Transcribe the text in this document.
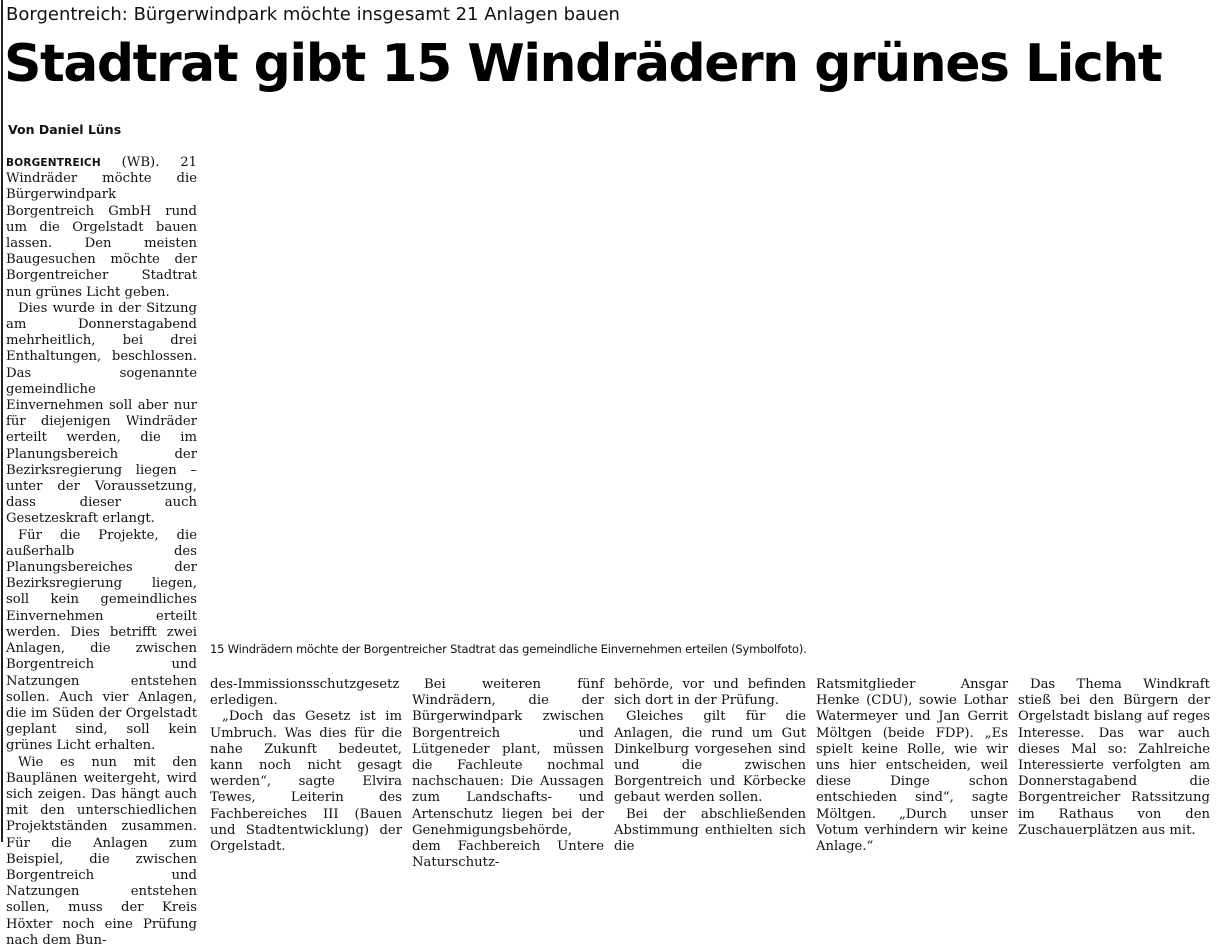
Borgentreich: Bürgerwindpark möchte insgesamt 21 Anlagen bauen
Stadtrat gibt 15 Windrädern grünes Licht
Von Daniel Lüns

BORGENTREICH (WB). 21 Windräder möchte die Bürgerwindpark Borgentreich GmbH rund um die Orgelstadt bauen lassen. Den meisten Baugesuchen möchte der Borgentreicher Stadtrat nun grünes Licht geben.

Dies wurde in der Sitzung am Donnerstagabend mehrheitlich, bei drei Enthaltungen, beschlossen. Das sogenannte gemeindliche Einvernehmen soll aber nur für diejenigen Windräder erteilt werden, die im Planungsbereich der Bezirksregierung liegen – unter der Voraussetzung, dass dieser auch Gesetzeskraft erlangt.

Für die Projekte, die außerhalb des Planungsbereiches der Bezirksregierung liegen, soll kein gemeindliches Einvernehmen erteilt werden. Dies betrifft zwei Anlagen, die zwischen Borgentreich und Natzungen entstehen sollen. Auch vier Anlagen, die im Süden der Orgelstadt geplant sind, soll kein grünes Licht erhalten.

Wie es nun mit den Bauplänen weitergeht, wird sich zeigen. Das hängt auch mit den unterschiedlichen Projektständen zusammen. Für die Anlagen zum Beispiel, die zwischen Borgentreich und Natzungen entstehen sollen, muss der Kreis Höxter noch eine Prüfung nach dem Bun-

15 Windrädern möchte der Borgentreicher Stadtrat das gemeindliche Einvernehmen erteilen (Symbolfoto).

des-Immissionsschutzgesetz erledigen.

„Doch das Gesetz ist im Umbruch. Was dies für die nahe Zukunft bedeutet, kann noch nicht gesagt werden“, sagte Elvira Tewes, Leiterin des Fachbereiches III (Bauen und Stadtentwicklung) der Orgelstadt.

Bei weiteren fünf Windrädern, die der Bürgerwindpark zwischen Borgentreich und Lütgeneder plant, müssen die Fachleute nochmal nachschauen: Die Aussagen zum Landschafts- und Artenschutz liegen bei der Genehmigungsbehörde, dem Fachbereich Untere Naturschutz-

behörde, vor und befinden sich dort in der Prüfung.

Gleiches gilt für die Anlagen, die rund um Gut Dinkelburg vorgesehen sind und die zwischen Borgentreich und Körbecke gebaut werden sollen.

Bei der abschließenden Abstimmung enthielten sich die

Ratsmitglieder Ansgar Henke (CDU), sowie Lothar Watermeyer und Jan Gerrit Möltgen (beide FDP). „Es spielt keine Rolle, wie wir uns hier entscheiden, weil diese Dinge schon entschieden sind“, sagte Möltgen. „Durch unser Votum verhindern wir keine Anlage.“

Das Thema Windkraft stieß bei den Bürgern der Orgelstadt bislang auf reges Interesse. Das war auch dieses Mal so: Zahlreiche Interessierte verfolgten am Donnerstagabend die Borgentreicher Ratssitzung im Rathaus von den Zuschauerplätzen aus mit.
